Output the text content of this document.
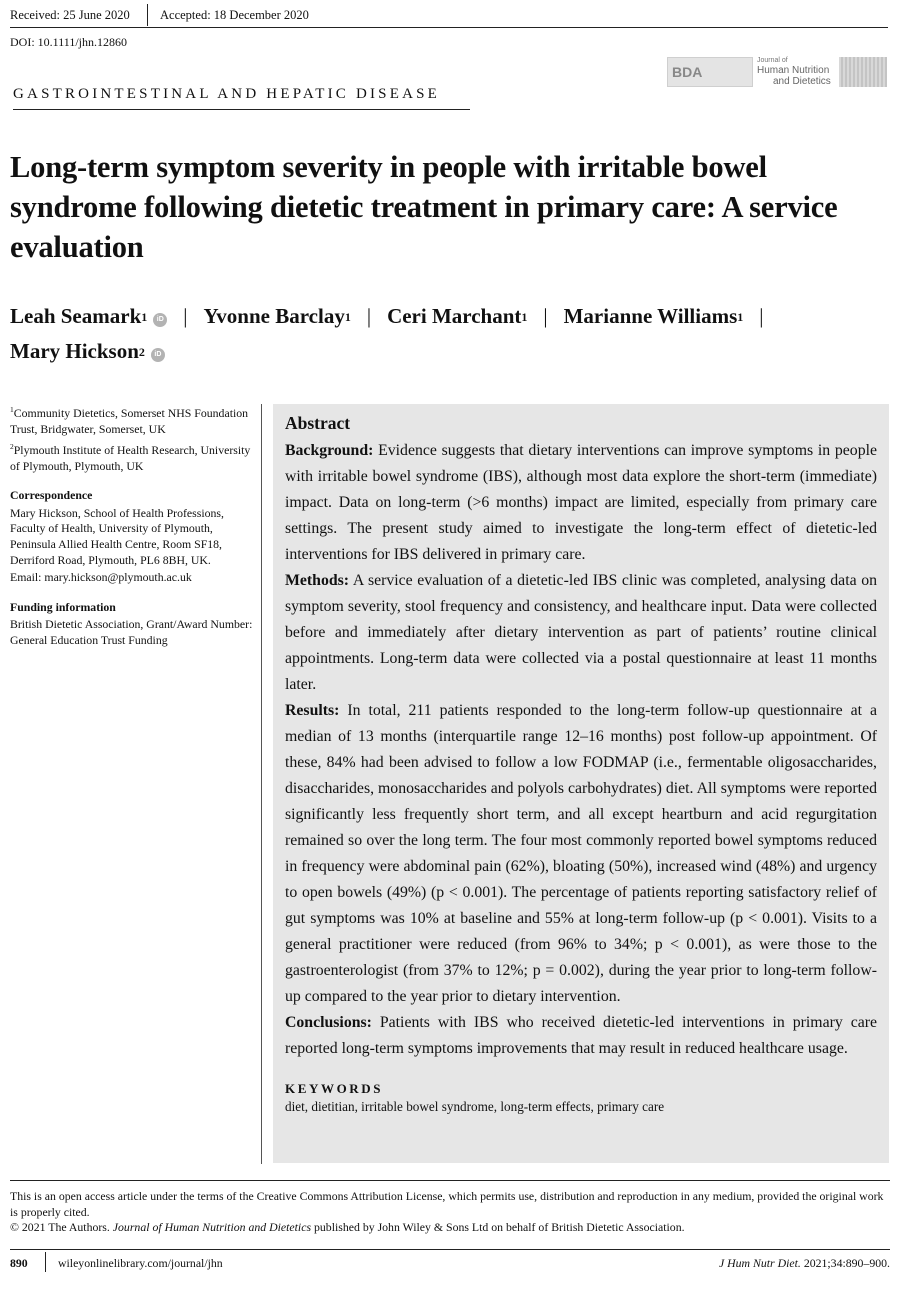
Received: 25 June 2020 Accepted: 18 December 2020
DOI: 10.1111/jhn.12860
BDA
Journal of
Human Nutrition
and Dietetics
GASTROINTESTINAL AND HEPATIC DISEASE
Long-term symptom severity in people with irritable bowel syndrome following dietetic treatment in primary care: A service evaluation
Leah Seamark$^1$	iD | Yvonne Barclay$^1$ | Ceri Marchant$^1$ | Marianne Williams$^1$ |

Mary Hickson$^2$	iD

$^1$Community Dietetics, Somerset NHS Foundation Trust, Bridgwater, Somerset, UK

$^2$Plymouth Institute of Health Research, University of Plymouth, Plymouth, UK

Correspondence

Mary Hickson, School of Health Professions, Faculty of Health, University of Plymouth, Peninsula Allied Health Centre, Room SF18, Derriford Road, Plymouth, PL6 8BH, UK.

Email: mary.hickson@plymouth.ac.uk

Funding information

British Dietetic Association, Grant/Award Number: General Education Trust Funding

Abstract

Background: Evidence suggests that dietary interventions can improve symptoms in people with irritable bowel syndrome (IBS), although most data explore the short-term (immediate) impact. Data on long-term (>6 months) impact are limited, especially from primary care settings. The present study aimed to investigate the long-term effect of dietetic-led interventions for IBS delivered in primary care.

Methods: A service evaluation of a dietetic-led IBS clinic was completed, analysing data on symptom severity, stool frequency and consistency, and healthcare input. Data were collected before and immediately after dietary intervention as part of patients’ routine clinical appointments. Long-term data were collected via a postal questionnaire at least 11 months later.

Results: In total, 211 patients responded to the long-term follow-up questionnaire at a median of 13 months (interquartile range 12–16 months) post follow-up appointment. Of these, 84% had been advised to follow a low FODMAP (i.e., fermentable oligosaccharides, disaccharides, monosaccharides and polyols carbohydrates) diet. All symptoms were reported significantly less frequently short term, and all except heartburn and acid regurgitation remained so over the long term. The four most commonly reported bowel symptoms reduced in frequency were abdominal pain (62%), bloating (50%), increased wind (48%) and urgency to open bowels (49%) (p < 0.001). The percentage of patients reporting satisfactory relief of gut symptoms was 10% at baseline and 55% at long-term follow-up (p < 0.001). Visits to a general practitioner were reduced (from 96% to 34%; p < 0.001), as were those to the gastroenterologist (from 37% to 12%; p = 0.002), during the year prior to long-term follow-up compared to the year prior to dietary intervention.

Conclusions: Patients with IBS who received dietetic-led interventions in primary care reported long-term symptoms improvements that may result in reduced healthcare usage.

KEYWORDS
diet, dietitian, irritable bowel syndrome, long-term effects, primary care

This is an open access article under the terms of the Creative Commons Attribution License, which permits use, distribution and reproduction in any medium, provided the original work is properly cited.

© 2021 The Authors. Journal of Human Nutrition and Dietetics published by John Wiley & Sons Ltd on behalf of British Dietetic Association.

890	wileyonlinelibrary.com/journal/jhn	J Hum Nutr Diet. 2021;34:890–900.
